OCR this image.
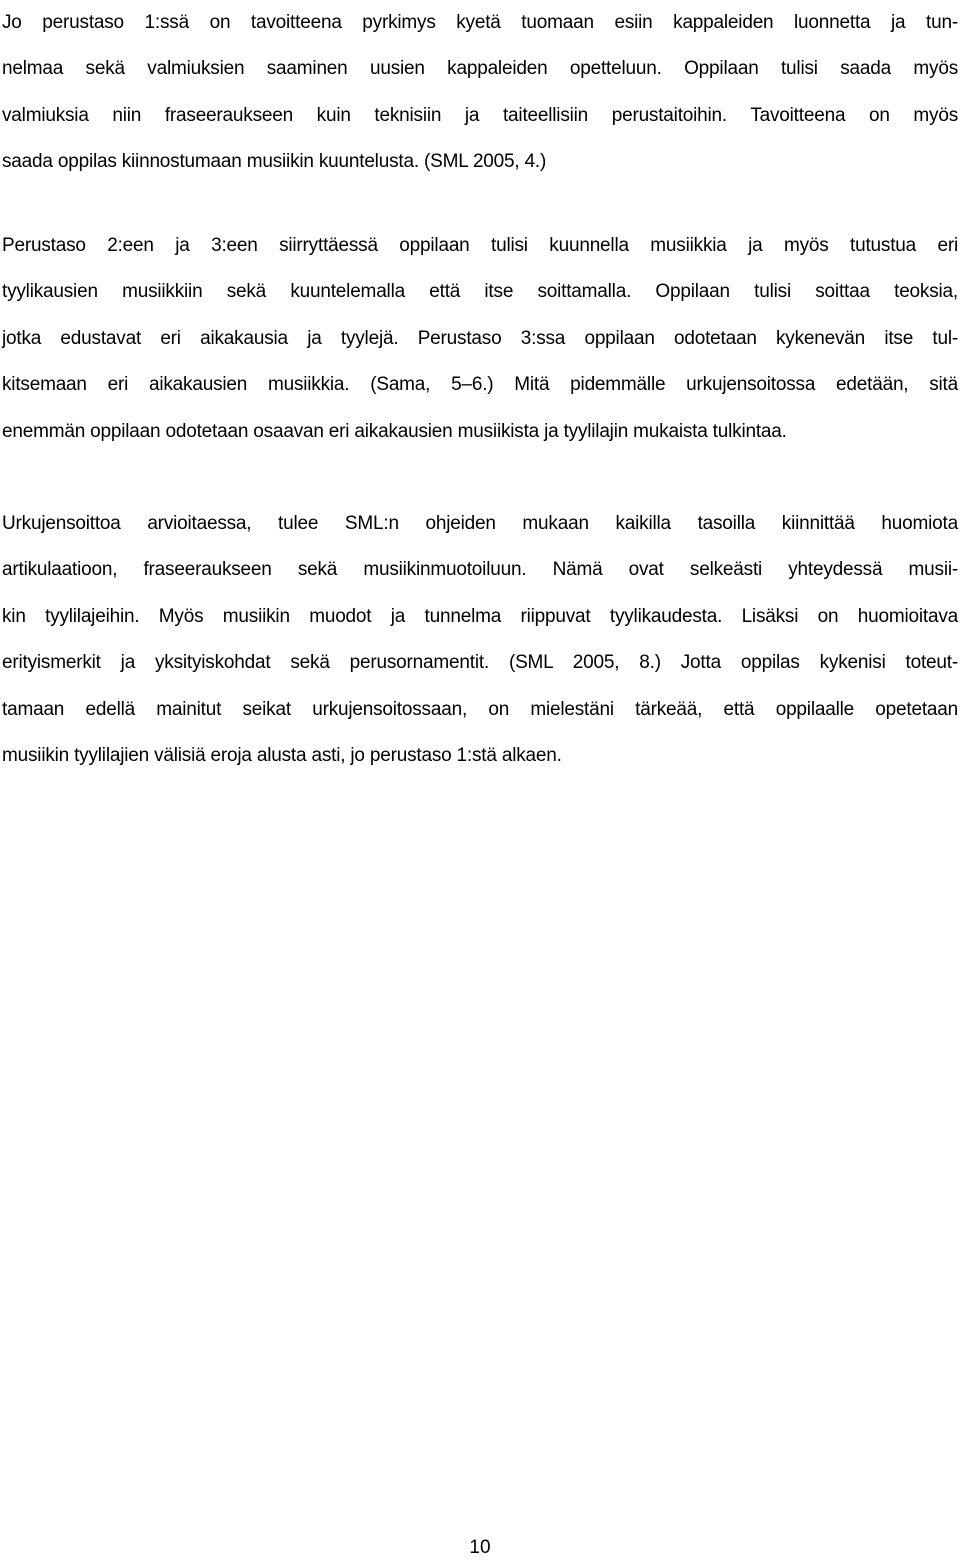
Jo perustaso 1:ssä on tavoitteena pyrkimys kyetä tuomaan esiin kappaleiden luonnetta ja tun-
nelmaa sekä valmiuksien saaminen uusien kappaleiden opetteluun. Oppilaan tulisi saada myös
valmiuksia niin fraseeraukseen kuin teknisiin ja taiteellisiin perustaitoihin. Tavoitteena on myös
saada oppilas kiinnostumaan musiikin kuuntelusta. (SML 2005, 4.)

Perustaso 2:een ja 3:een siirryttäessä oppilaan tulisi kuunnella musiikkia ja myös tutustua eri
tyylikausien musiikkiin sekä kuuntelemalla että itse soittamalla. Oppilaan tulisi soittaa teoksia,
jotka edustavat eri aikakausia ja tyylejä. Perustaso 3:ssa oppilaan odotetaan kykenevän itse tul-
kitsemaan eri aikakausien musiikkia. (Sama, 5–6.) Mitä pidemmälle urkujensoitossa edetään, sitä
enemmän oppilaan odotetaan osaavan eri aikakausien musiikista ja tyylilajin mukaista tulkintaa.

Urkujensoittoa arvioitaessa, tulee SML:n ohjeiden mukaan kaikilla tasoilla kiinnittää huomiota
artikulaatioon, fraseeraukseen sekä musiikinmuotoiluun. Nämä ovat selkeästi yhteydessä musii-
kin tyylilajeihin. Myös musiikin muodot ja tunnelma riippuvat tyylikaudesta. Lisäksi on huomioitava
erityismerkit ja yksityiskohdat sekä perusornamentit. (SML 2005, 8.) Jotta oppilas kykenisi toteut-
tamaan edellä mainitut seikat urkujensoitossaan, on mielestäni tärkeää, että oppilaalle opetetaan
musiikin tyylilajien välisiä eroja alusta asti, jo perustaso 1:stä alkaen.

10
